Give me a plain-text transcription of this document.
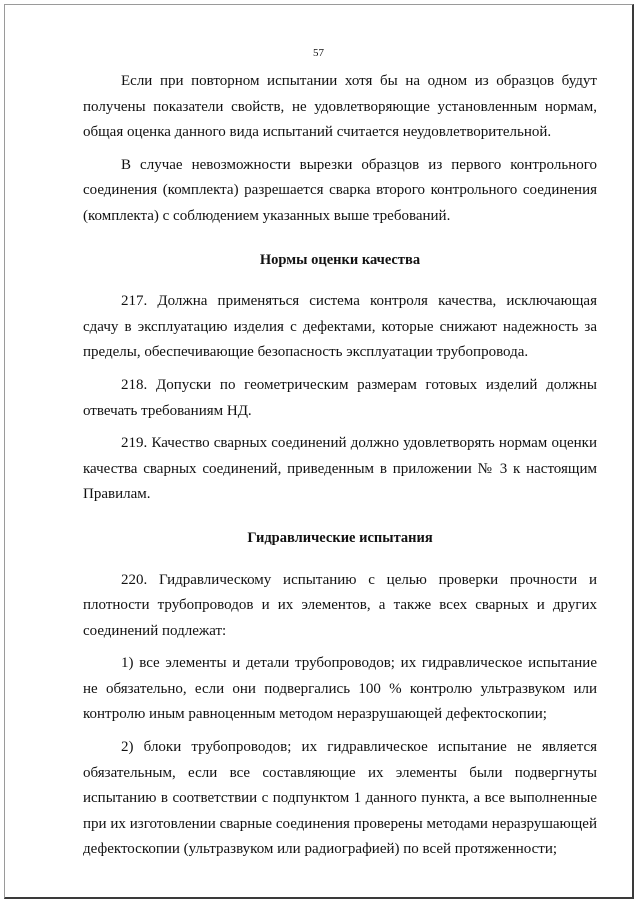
57

Если при повторном испытании хотя бы на одном из образцов будут получены показатели свойств, не удовлетворяющие установленным нормам, общая оценка данного вида испытаний считается неудовлетворительной.

В случае невозможности вырезки образцов из первого контрольного соединения (комплекта) разрешается сварка второго контрольного соединения (комплекта) с соблюдением указанных выше требований.

Нормы оценки качества

217. Должна применяться система контроля качества, исключающая сдачу в эксплуатацию изделия с дефектами, которые снижают надежность за пределы, обеспечивающие безопасность эксплуатации трубопровода.

218. Допуски по геометрическим размерам готовых изделий должны отвечать требованиям НД.

219. Качество сварных соединений должно удовлетворять нормам оценки качества сварных соединений, приведенным в приложении № 3 к настоящим Правилам.

Гидравлические испытания

220. Гидравлическому испытанию с целью проверки прочности и плотности трубопроводов и их элементов, а также всех сварных и других соединений подлежат:

1) все элементы и детали трубопроводов; их гидравлическое испытание не обязательно, если они подвергались 100 % контролю ультразвуком или контролю иным равноценным методом неразрушающей дефектоскопии;

2) блоки трубопроводов; их гидравлическое испытание не является обязательным, если все составляющие их элементы были подвергнуты испытанию в соответствии с подпунктом 1 данного пункта, а все выполненные при их изготовлении сварные соединения проверены методами неразрушающей дефектоскопии (ультразвуком или радиографией) по всей протяженности;
